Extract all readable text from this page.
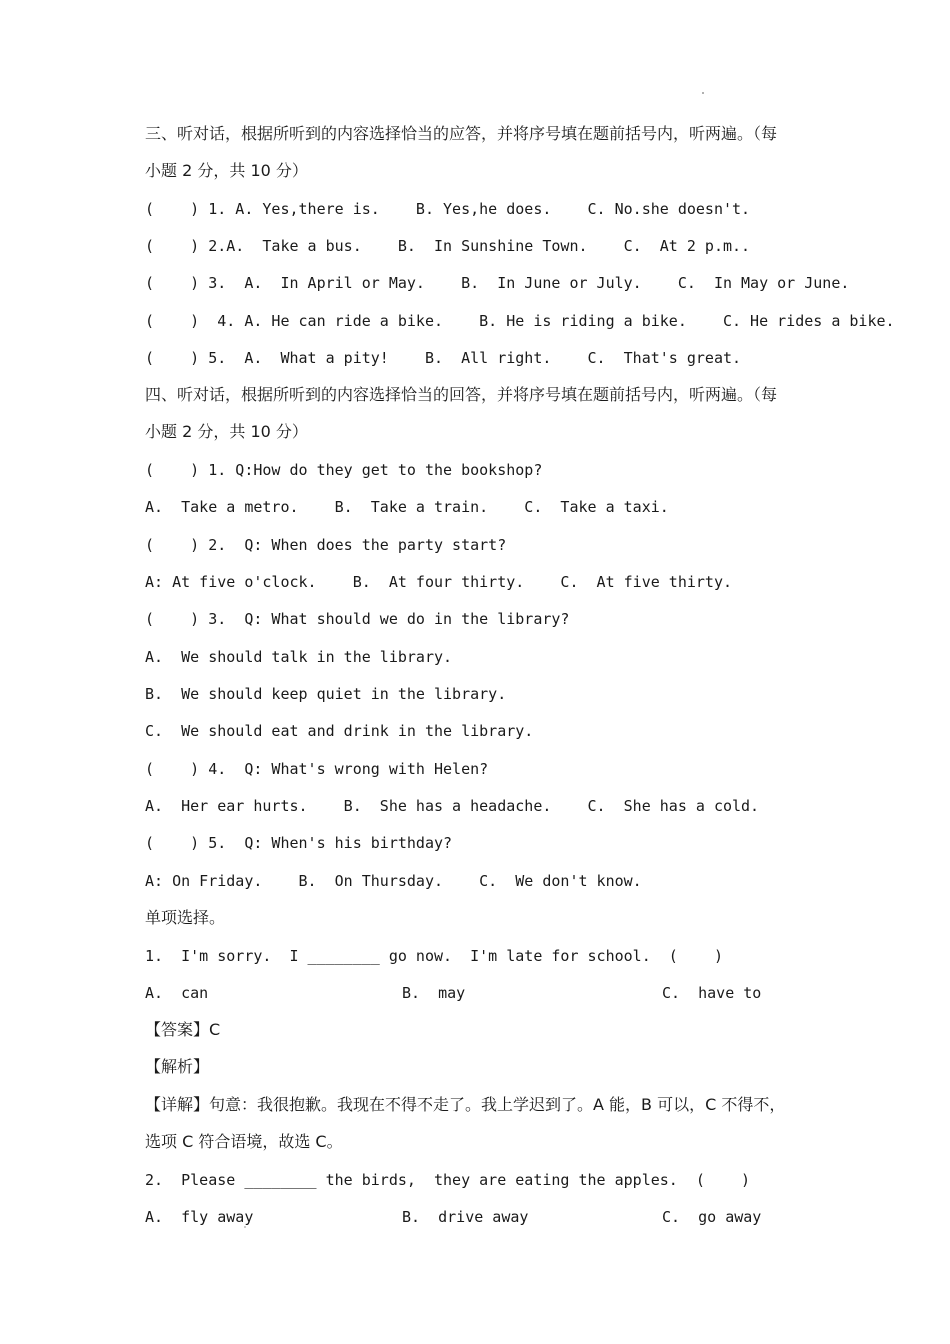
三、听对话，根据所听到的内容选择恰当的应答，并将序号填在题前括号内，听两遍。（每
小题 2 分，共 10 分）
(    ) 1. A. Yes,there is.    B. Yes,he does.    C. No.she doesn't.
(    ) 2.A.  Take a bus.    B.  In Sunshine Town.    C.  At 2 p.m..
(    ) 3.  A.  In April or May.    B.  In June or July.    C.  In May or June.
(    )  4. A. He can ride a bike.    B. He is riding a bike.    C. He rides a bike.
(    ) 5.  A.  What a pity!    B.  All right.    C.  That's great.
四、听对话，根据所听到的内容选择恰当的回答，并将序号填在题前括号内，听两遍。（每
小题 2 分，共 10 分）
(    ) 1. Q:How do they get to the bookshop?
A.  Take a metro.    B.  Take a train.    C.  Take a taxi.
(    ) 2.  Q: When does the party start?
A: At five o'clock.    B.  At four thirty.    C.  At five thirty.
(    ) 3.  Q: What should we do in the library?
A.  We should talk in the library.
B.  We should keep quiet in the library.
C.  We should eat and drink in the library.
(    ) 4.  Q: What's wrong with Helen?
A.  Her ear hurts.    B.  She has a headache.    C.  She has a cold.
(    ) 5.  Q: When's his birthday?
A: On Friday.    B.  On Thursday.    C.  We don't know.
单项选择。
1.  I'm sorry.  I ________ go now.  I'm late for school.  (    )
A.  can	B.  may	C.  have to
【答案】C
【解析】
【详解】句意：我很抱歉。我现在不得不走了。我上学迟到了。A 能，B 可以，C 不得不，
选项 C 符合语境，故选 C。
2.  Please ________ the birds,  they are eating the apples.  (    )
A.  fly away	B.  drive away	C.  go away
